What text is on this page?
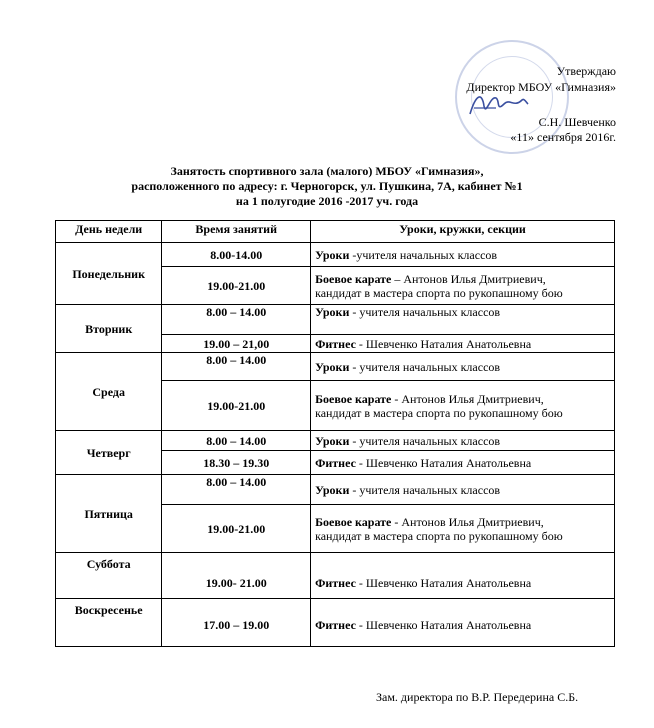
Утверждаю
Директор МБОУ «Гимназия»
С.Н. Шевченко
«11» сентября 2016г.
Занятость спортивного зала (малого) МБОУ «Гимназия»,
расположенного по адресу: г. Черногорск, ул. Пушкина, 7А, кабинет №1
на 1 полугодие 2016 -2017 уч. года
День недели	Время занятий	Уроки, кружки, секции
Понедельник	8.00-14.00	Уроки -учителя начальных классов
	19.00-21.00	Боевое карате – Антонов Илья Дмитриевич,
кандидат в мастера спорта по рукопашному бою
Вторник	8.00 – 14.00	Уроки - учителя начальных классов
	19.00 – 21,00	Фитнес - Шевченко Наталия Анатольевна
Среда	8.00 – 14.00	Уроки - учителя начальных классов
	19.00-21.00	Боевое карате - Антонов Илья Дмитриевич,
кандидат в мастера спорта по рукопашному бою
Четверг	8.00 – 14.00	Уроки - учителя начальных классов
	18.30 – 19.30	Фитнес - Шевченко Наталия Анатольевна
Пятница	8.00 – 14.00	Уроки - учителя начальных классов
	19.00-21.00	Боевое карате - Антонов Илья Дмитриевич,
кандидат в мастера спорта по рукопашному бою
Суббота	19.00- 21.00	Фитнес - Шевченко Наталия Анатольевна
Воскресенье	17.00 – 19.00	Фитнес - Шевченко Наталия Анатольевна
Зам. директора по В.Р. Передерина С.Б.
